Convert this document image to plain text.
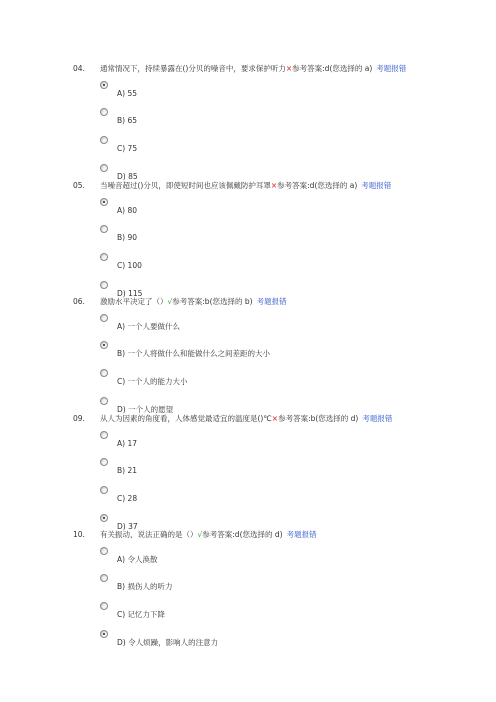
04. 通常情况下，持续暴露在()分贝的噪音中，要求保护听力×参考答案:d(您选择的 a) 考题报错
A) 55
B) 65
C) 75
D) 85
05. 当噪音超过()分贝，即使短时间也应该佩戴防护耳罩×参考答案:d(您选择的 a) 考题报错
A) 80
B) 90
C) 100
D) 115
06. 激励水平决定了（）√参考答案:b(您选择的 b) 考题报错
A) 一个人要做什么
B) 一个人将做什么和能做什么之间差距的大小
C) 一个人的能力大小
D) 一个人的愿望
09. 从人为因素的角度看，人体感觉最适宜的温度是()℃×参考答案:b(您选择的 d) 考题报错
A) 17
B) 21
C) 28
D) 37
10. 有关振动，说法正确的是（）√参考答案:d(您选择的 d) 考题报错
A) 令人涣散
B) 损伤人的听力
C) 记忆力下降
D) 令人烦躁，影响人的注意力
